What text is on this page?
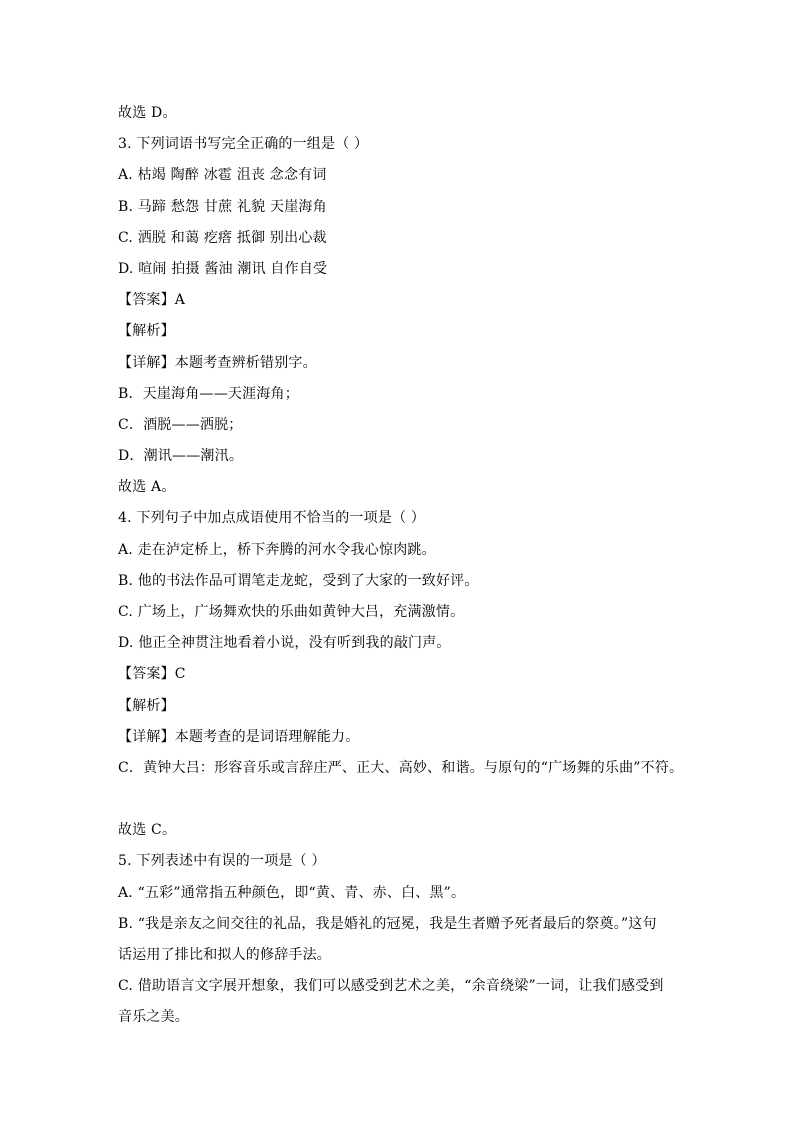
故选 D。
3. 下列词语书写完全正确的一组是（ ）
A. 枯竭 陶醉 冰雹 沮丧 念念有词
B. 马蹄 愁怨 甘蔗 礼貌 天崖海角
C. 洒脱 和蔼 疙瘩 抵御 别出心裁
D. 喧闹 拍摄 酱油 潮讯 自作自受
【答案】A
【解析】
【详解】本题考查辨析错别字。
B．天崖海角——天涯海角；
C．酒脱——洒脱；
D．潮讯——潮汛。
故选 A。
4. 下列句子中加点成语使用不恰当的一项是（ ）
A. 走在泸定桥上，桥下奔腾的河水令我心惊肉跳。
B. 他的书法作品可谓笔走龙蛇，受到了大家的一致好评。
C. 广场上，广场舞欢快的乐曲如黄钟大吕，充满激情。
D. 他正全神贯注地看着小说，没有听到我的敲门声。
【答案】C
【解析】
【详解】本题考查的是词语理解能力。
C．黄钟大吕：形容音乐或言辞庄严、正大、高妙、和谐。与原句的“广场舞的乐曲”不符。
故选 C。
5. 下列表述中有误的一项是（ ）
A. “五彩”通常指五种颜色，即“黄、青、赤、白、黑”。
B. “我是亲友之间交往的礼品，我是婚礼的冠冕，我是生者赠予死者最后的祭奠。”这句
话运用了排比和拟人的修辞手法。
C. 借助语言文字展开想象，我们可以感受到艺术之美，“余音绕梁”一词，让我们感受到
音乐之美。
